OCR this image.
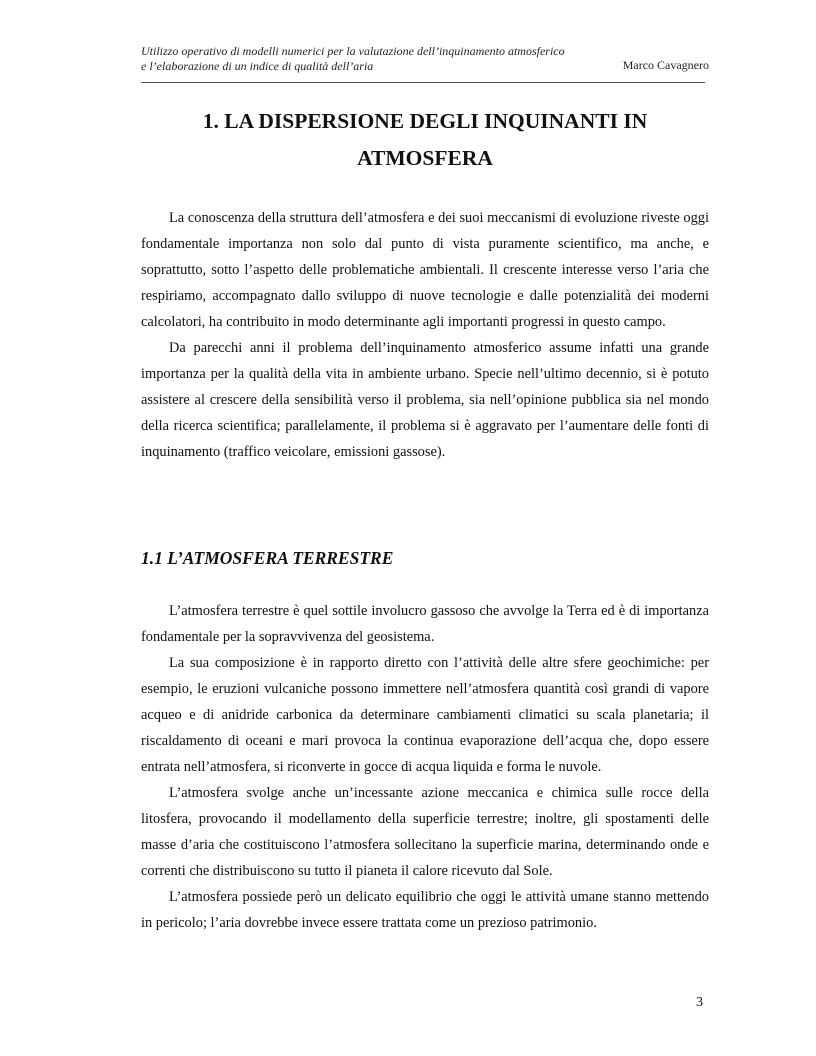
Utilizzo operativo di modelli numerici per la valutazione dell’inquinamento atmosferico
e l’elaborazione di un indice di qualità dell’aria	Marco Cavagnero
1. LA DISPERSIONE DEGLI INQUINANTI IN ATMOSFERA

La conoscenza della struttura dell’atmosfera e dei suoi meccanismi di evoluzione riveste oggi fondamentale importanza non solo dal punto di vista puramente scientifico, ma anche, e soprattutto, sotto l’aspetto delle problematiche ambientali. Il crescente interesse verso l’aria che respiriamo, accompagnato dallo sviluppo di nuove tecnologie e dalle potenzialità dei moderni calcolatori, ha contribuito in modo determinante agli importanti progressi in questo campo.

Da parecchi anni il problema dell’inquinamento atmosferico assume infatti una grande importanza per la qualità della vita in ambiente urbano. Specie nell’ultimo decennio, si è potuto assistere al crescere della sensibilità verso il problema, sia nell’opinione pubblica sia nel mondo della ricerca scientifica; parallelamente, il problema si è aggravato per l’aumentare delle fonti di inquinamento (traffico veicolare, emissioni gassose).

1.1 L’ATMOSFERA TERRESTRE

L’atmosfera terrestre è quel sottile involucro gassoso che avvolge la Terra ed è di importanza fondamentale per la sopravvivenza del geosistema.

La sua composizione è in rapporto diretto con l’attività delle altre sfere geochimiche: per esempio, le eruzioni vulcaniche possono immettere nell’atmosfera quantità così grandi di vapore acqueo e di anidride carbonica da determinare cambiamenti climatici su scala planetaria; il riscaldamento di oceani e mari provoca la continua evaporazione dell’acqua che, dopo essere entrata nell’atmosfera, si riconverte in gocce di acqua liquida e forma le nuvole.

L’atmosfera svolge anche un’incessante azione meccanica e chimica sulle rocce della litosfera, provocando il modellamento della superficie terrestre; inoltre, gli spostamenti delle masse d’aria che costituiscono l’atmosfera sollecitano la superficie marina, determinando onde e correnti che distribuiscono su tutto il pianeta il calore ricevuto dal Sole.

L’atmosfera possiede però un delicato equilibrio che oggi le attività umane stanno mettendo in pericolo; l’aria dovrebbe invece essere trattata come un prezioso patrimonio.

3
